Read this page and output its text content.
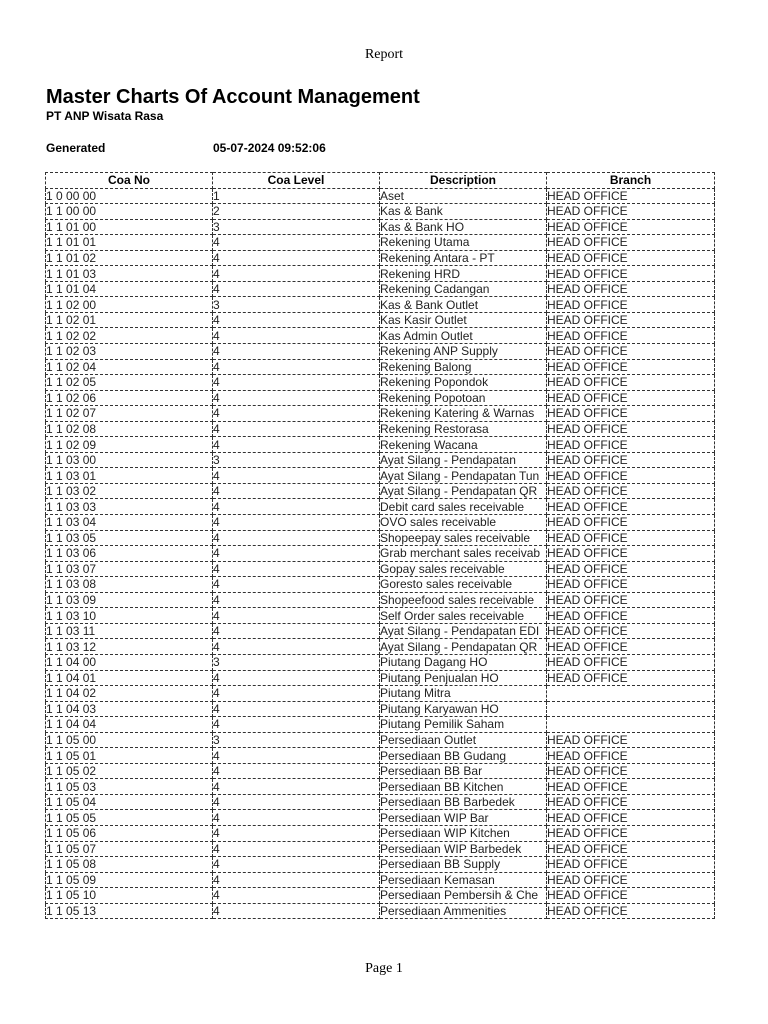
Report
Master Charts Of Account Management
PT ANP Wisata Rasa
Generated	05-07-2024 09:52:06
Coa No	Coa Level	Description	Branch
1 0 00 00	1	Aset	HEAD OFFICE
1 1 00 00	2	Kas & Bank	HEAD OFFICE
1 1 01 00	3	Kas & Bank HO	HEAD OFFICE
1 1 01 01	4	Rekening Utama	HEAD OFFICE
1 1 01 02	4	Rekening Antara - PT	HEAD OFFICE
1 1 01 03	4	Rekening HRD	HEAD OFFICE
1 1 01 04	4	Rekening Cadangan	HEAD OFFICE
1 1 02 00	3	Kas & Bank Outlet	HEAD OFFICE
1 1 02 01	4	Kas Kasir Outlet	HEAD OFFICE
1 1 02 02	4	Kas Admin Outlet	HEAD OFFICE
1 1 02 03	4	Rekening ANP Supply	HEAD OFFICE
1 1 02 04	4	Rekening Balong	HEAD OFFICE
1 1 02 05	4	Rekening Popondok	HEAD OFFICE
1 1 02 06	4	Rekening Popotoan	HEAD OFFICE
1 1 02 07	4	Rekening Katering & Warnas	HEAD OFFICE
1 1 02 08	4	Rekening Restorasa	HEAD OFFICE
1 1 02 09	4	Rekening Wacana	HEAD OFFICE
1 1 03 00	3	Ayat Silang - Pendapatan	HEAD OFFICE
1 1 03 01	4	Ayat Silang - Pendapatan Tun	HEAD OFFICE
1 1 03 02	4	Ayat Silang - Pendapatan QR	HEAD OFFICE
1 1 03 03	4	Debit card sales receivable	HEAD OFFICE
1 1 03 04	4	OVO sales receivable	HEAD OFFICE
1 1 03 05	4	Shopeepay sales receivable	HEAD OFFICE
1 1 03 06	4	Grab merchant sales receivab	HEAD OFFICE
1 1 03 07	4	Gopay sales receivable	HEAD OFFICE
1 1 03 08	4	Goresto sales receivable	HEAD OFFICE
1 1 03 09	4	Shopeefood sales receivable	HEAD OFFICE
1 1 03 10	4	Self Order sales receivable	HEAD OFFICE
1 1 03 11	4	Ayat Silang - Pendapatan EDI	HEAD OFFICE
1 1 03 12	4	Ayat Silang - Pendapatan QR	HEAD OFFICE
1 1 04 00	3	Piutang Dagang HO	HEAD OFFICE
1 1 04 01	4	Piutang Penjualan HO	HEAD OFFICE
1 1 04 02	4	Piutang Mitra	
1 1 04 03	4	Piutang Karyawan HO	
1 1 04 04	4	Piutang Pemilik Saham	
1 1 05 00	3	Persediaan Outlet	HEAD OFFICE
1 1 05 01	4	Persediaan BB Gudang	HEAD OFFICE
1 1 05 02	4	Persediaan BB Bar	HEAD OFFICE
1 1 05 03	4	Persediaan BB Kitchen	HEAD OFFICE
1 1 05 04	4	Persediaan BB Barbedek	HEAD OFFICE
1 1 05 05	4	Persediaan WIP Bar	HEAD OFFICE
1 1 05 06	4	Persediaan WIP Kitchen	HEAD OFFICE
1 1 05 07	4	Persediaan WIP Barbedek	HEAD OFFICE
1 1 05 08	4	Persediaan BB Supply	HEAD OFFICE
1 1 05 09	4	Persediaan Kemasan	HEAD OFFICE
1 1 05 10	4	Persediaan Pembersih & Che	HEAD OFFICE
1 1 05 13	4	Persediaan Ammenities	HEAD OFFICE
Page 1
